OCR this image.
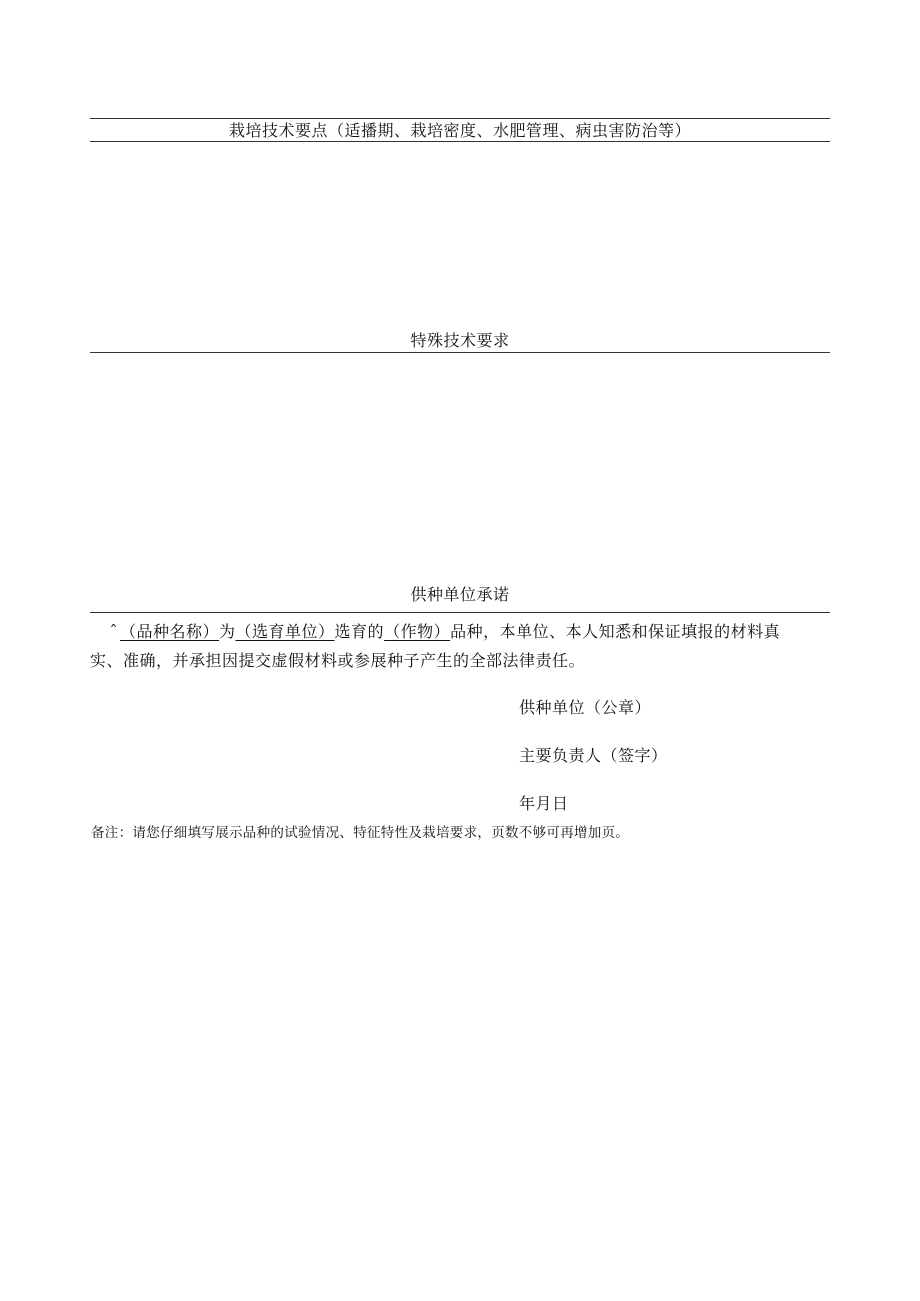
栽培技术要点（适播期、栽培密度、水肥管理、病虫害防治等）
特殊技术要求
供种单位承诺
ˆ （品种名称）为（选育单位）选育的（作物）品种，本单位、本人知悉和保证填报的材料真
实、准确，并承担因提交虚假材料或参展种子产生的全部法律责任。
供种单位（公章）
主要负责人（签字）
年月日
备注：请您仔细填写展示品种的试验情况、特征特性及栽培要求，页数不够可再增加页。
